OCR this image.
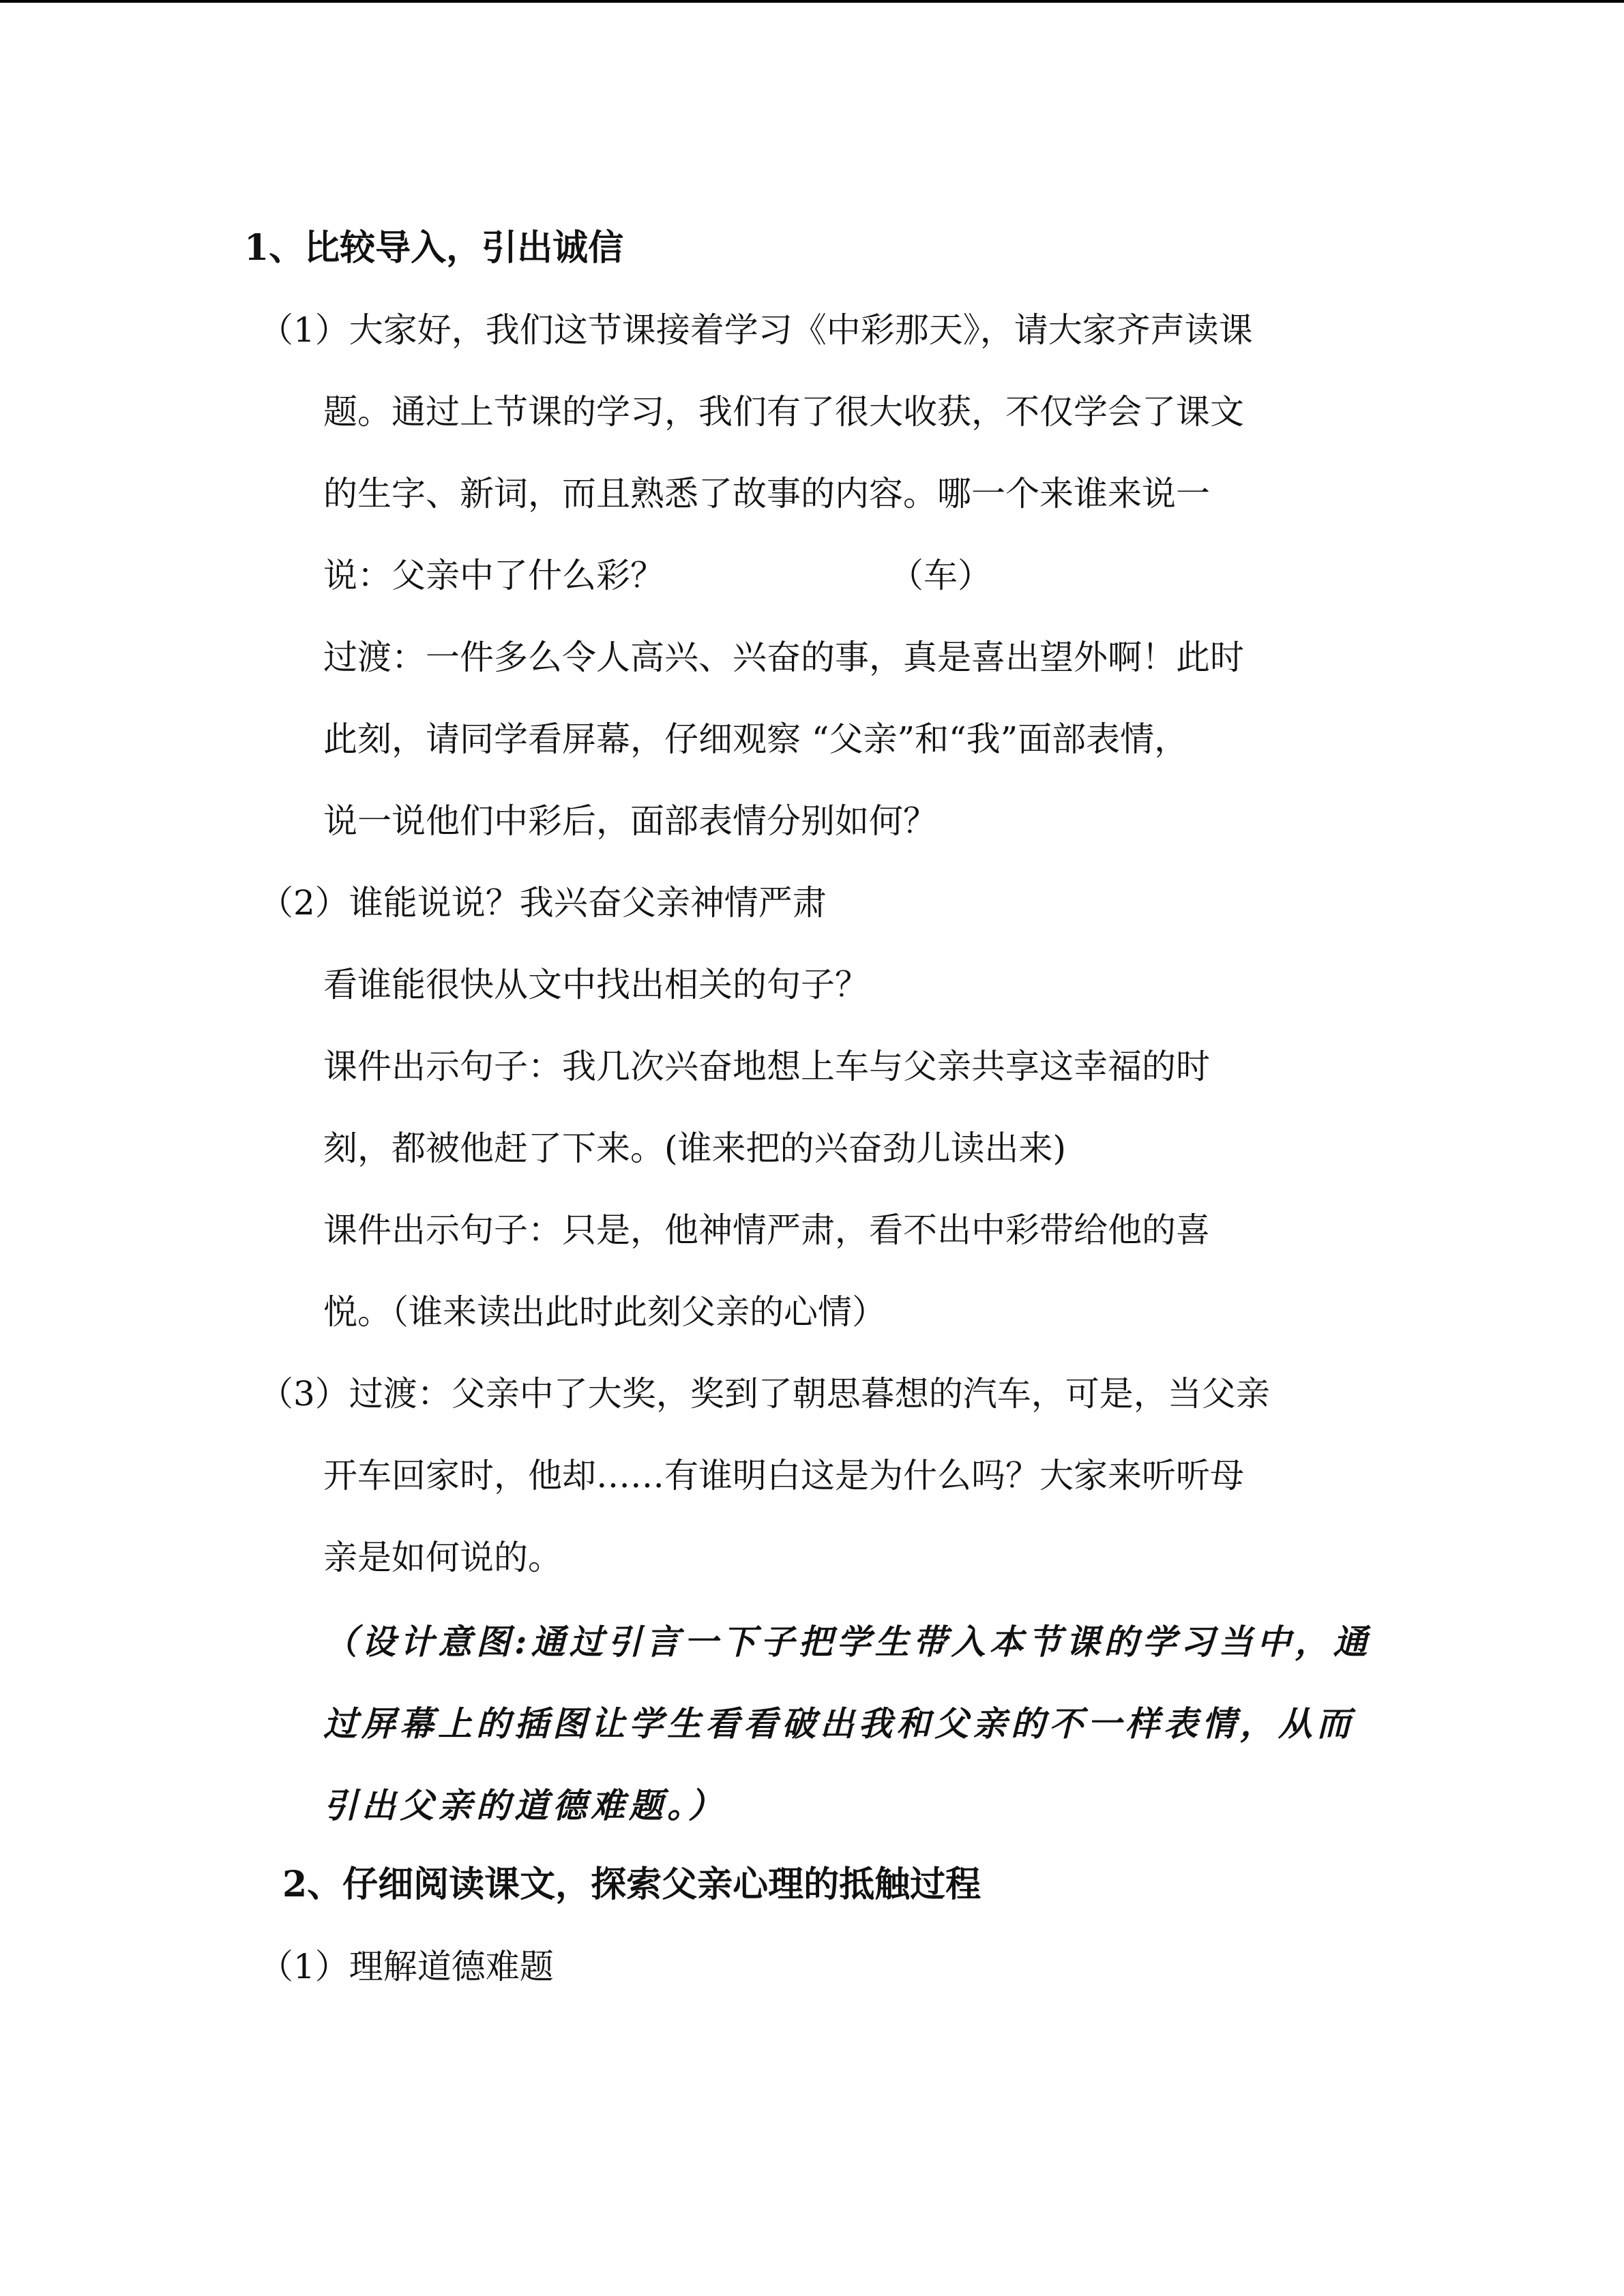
1、比较导入，引出诚信
（1）大家好，我们这节课接着学习《中彩那天》，请大家齐声读课
题。通过上节课的学习，我们有了很大收获，不仅学会了课文
的生字、新词，而且熟悉了故事的内容。哪一个来谁来说一
说：父亲中了什么彩？	（车）
过渡：一件多么令人高兴、兴奋的事，真是喜出望外啊！此时
此刻，请同学看屏幕，仔细观察 “父亲”和“我”面部表情，
说一说他们中彩后，面部表情分别如何？
（2）谁能说说？我兴奋父亲神情严肃
看谁能很快从文中找出相关的句子？
课件出示句子：我几次兴奋地想上车与父亲共享这幸福的时
刻，都被他赶了下来。(谁来把的兴奋劲儿读出来)
课件出示句子：只是，他神情严肃，看不出中彩带给他的喜
悦。（谁来读出此时此刻父亲的心情）
（3）过渡：父亲中了大奖，奖到了朝思暮想的汽车，可是，当父亲
开车回家时，他却……有谁明白这是为什么吗？大家来听听母
亲是如何说的。
（设计意图:通过引言一下子把学生带入本节课的学习当中，通
过屏幕上的插图让学生看看破出我和父亲的不一样表情，从而
引出父亲的道德难题。）
2、仔细阅读课文，探索父亲心理的抵触过程
（1）理解道德难题
